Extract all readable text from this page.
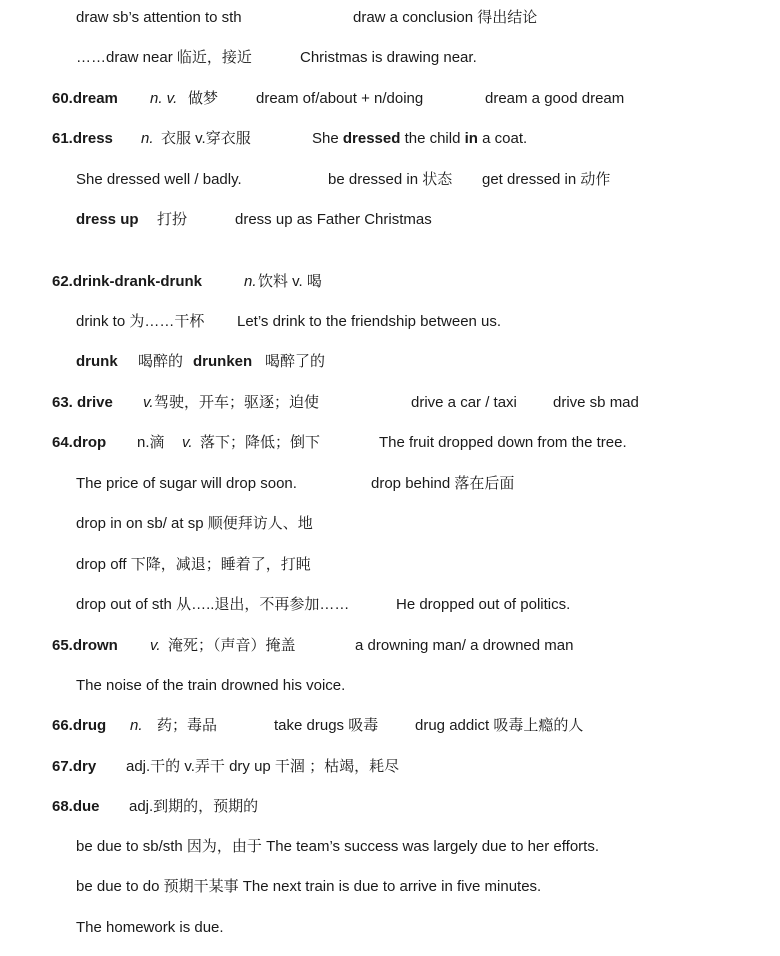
draw sb’s attention to sth	draw a conclusion 得出结论
……draw near 临近，接近	Christmas is drawing near.
60.dream n. v. 做梦	dream of/about + n/doing	dream a good dream
61.dress n. 衣服 v.穿衣服	She dressed the child in a coat.
She dressed well / badly.	be dressed in 状态 get dressed in 动作
dress up 打扮	dress up as Father Christmas
62.drink-drank-drunk	n. 饮料 v. 喝
drink to 为……干杯 Let’s drink to the friendship between us.
drunk 喝醉的 drunken 喝醉了的
63. drive v. 驾驶，开车；驱逐；迫使	drive a car / taxi drive sb mad
64.drop n.滴 v. 落下；降低；倒下	The fruit dropped down from the tree.
The price of sugar will drop soon.	drop behind 落在后面
drop in on sb/ at sp 顺便拜访人、地
drop off 下降，减退；睡着了，打盹
drop out of sth 从…..退出，不再参加……	He dropped out of politics.
65.drown v. 淹死；（声音）掩盖	a drowning man/ a drowned man
The noise of the train drowned his voice.
66.drug n. 药；毒品	take drugs 吸毒 drug addict 吸毒上瘾的人
67.dry adj.干的 v.弄干 dry up 干涸 ；枯竭，耗尽
68.due adj.到期的，预期的
be due to sb/sth 因为，由于 The team’s success was largely due to her efforts.
be due to do 预期干某事 The next train is due to arrive in five minutes.
The homework is due.
